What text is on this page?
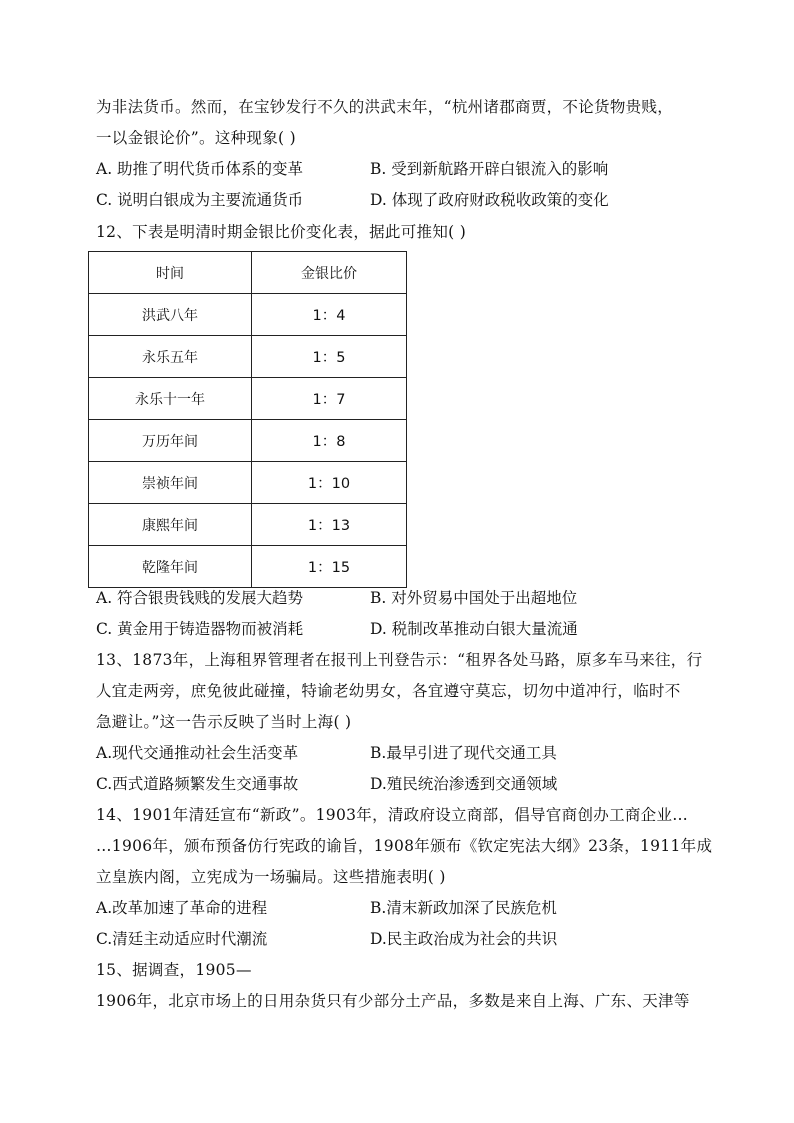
为非法货币。然而，在宝钞发行不久的洪武末年，“杭州诸郡商贾，不论货物贵贱，
一以金银论价”。这种现象( )
A. 助推了明代货币体系的变革	B. 受到新航路开辟白银流入的影响
C. 说明白银成为主要流通货币	D. 体现了政府财政税收政策的变化
12、下表是明清时期金银比价变化表，据此可推知( )
时间	金银比价
洪武八年	1：4
永乐五年	1：5
永乐十一年	1：7
万历年间	1：8
崇祯年间	1：10
康熙年间	1：13
乾隆年间	1：15
A. 符合银贵钱贱的发展大趋势	B. 对外贸易中国处于出超地位
C. 黄金用于铸造器物而被消耗	D. 税制改革推动白银大量流通
13、1873年，上海租界管理者在报刊上刊登告示：“租界各处马路，原多车马来往，行
人宜走两旁，庶免彼此碰撞，特谕老幼男女，各宜遵守莫忘，切勿中道冲行，临时不
急避让。”这一告示反映了当时上海( )
A.现代交通推动社会生活变革	B.最早引进了现代交通工具
C.西式道路频繁发生交通事故	D.殖民统治渗透到交通领域
14、1901年清廷宣布“新政”。1903年，清政府设立商部，倡导官商创办工商企业…
…1906年，颁布预备仿行宪政的谕旨，1908年颁布《钦定宪法大纲》23条，1911年成
立皇族内阁，立宪成为一场骗局。这些措施表明( )
A.改革加速了革命的进程	B.清末新政加深了民族危机
C.清廷主动适应时代潮流	D.民主政治成为社会的共识
15、据调查，1905—
1906年，北京市场上的日用杂货只有少部分土产品，多数是来自上海、广东、天津等
